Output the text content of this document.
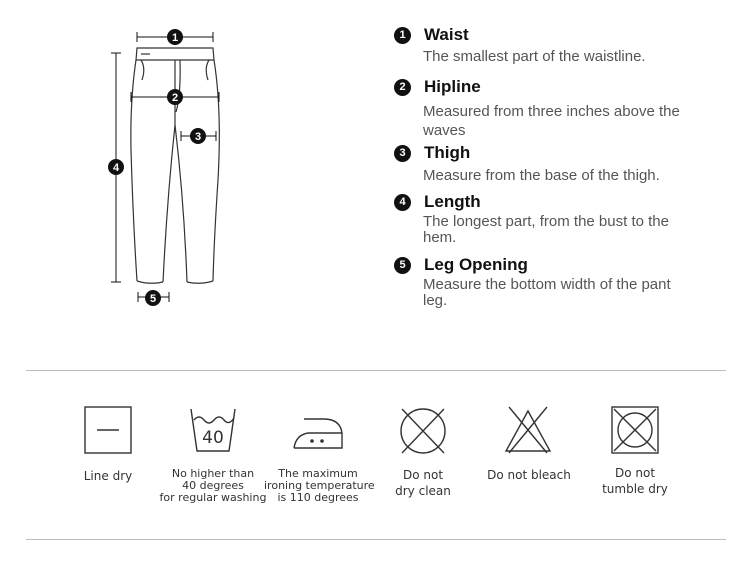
1
2
3
4
5
1	Waist
The smallest part of the waistline.
2	Hipline
Measured from three inches above the waves
3	Thigh
Measure from the base of the thigh.
4	Length
The longest part, from the bust to the hem.
5	Leg Opening
Measure the bottom width of the pant leg.
Line dry
40
No higher than
40 degrees
for regular washing
The maximum
ironing temperature
is 110 degrees
Do not
dry clean
Do not bleach	Do not
tumble dry
